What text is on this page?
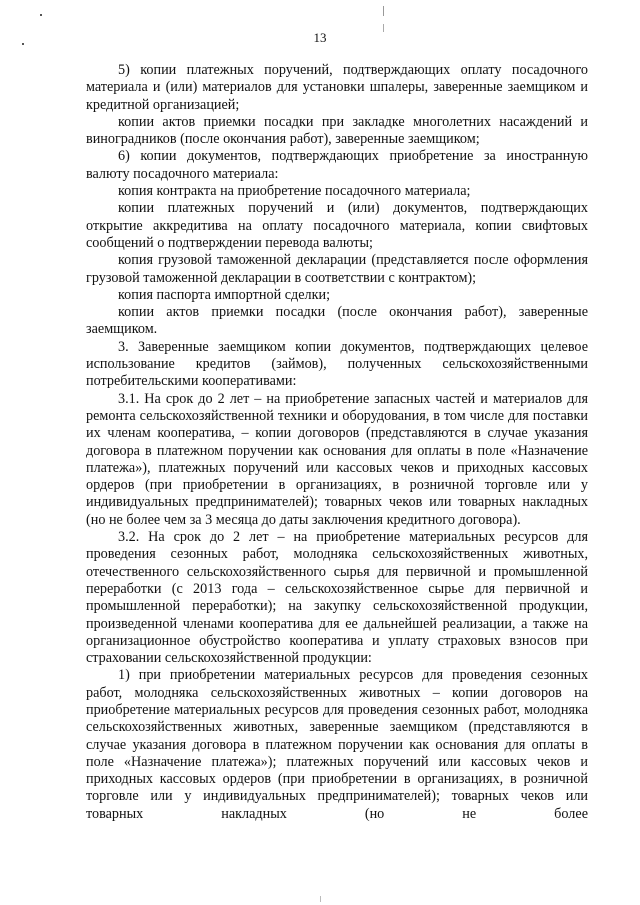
13

5) копии платежных поручений, подтверждающих оплату посадочного материала и (или) материалов для установки шпалеры, заверенные заемщиком и кредитной организацией;

копии актов приемки посадки при закладке многолетних насаждений и виноградников (после окончания работ), заверенные заемщиком;

6) копии документов, подтверждающих приобретение за иностранную валюту посадочного материала:

копия контракта на приобретение посадочного материала;

копии платежных поручений и (или) документов, подтверждающих открытие аккредитива на оплату посадочного материала, копии свифтовых сообщений о подтверждении перевода валюты;

копия грузовой таможенной декларации (представляется после оформления грузовой таможенной декларации в соответствии с контрактом);

копия паспорта импортной сделки;

копии актов приемки посадки (после окончания работ), заверенные заемщиком.

3. Заверенные заемщиком копии документов, подтверждающих целевое использование кредитов (займов), полученных сельскохозяйственными потребительскими кооперативами:

3.1. На срок до 2 лет – на приобретение запасных частей и материалов для ремонта сельскохозяйственной техники и оборудования, в том числе для поставки их членам кооператива, – копии договоров (представляются в случае указания договора в платежном поручении как основания для оплаты в поле «Назначение платежа»), платежных поручений или кассовых чеков и приходных кассовых ордеров (при приобретении в организациях, в розничной торговле или у индивидуальных предпринимателей); товарных чеков или товарных накладных (но не более чем за 3 месяца до даты заключения кредитного договора).

3.2. На срок до 2 лет – на приобретение материальных ресурсов для проведения сезонных работ, молодняка сельскохозяйственных животных, отечественного сельскохозяйственного сырья для первичной и промышленной переработки (с 2013 года – сельскохозяйственное сырье для первичной и промышленной переработки); на закупку сельскохозяйственной продукции, произведенной членами кооператива для ее дальнейшей реализации, а также на организационное обустройство кооператива и уплату страховых взносов при страховании сельскохозяйственной продукции:

1) при приобретении материальных ресурсов для проведения сезонных работ, молодняка сельскохозяйственных животных – копии договоров на приобретение материальных ресурсов для проведения сезонных работ, молодняка сельскохозяйственных животных, заверенные заемщиком (представляются в случае указания договора в платежном поручении как основания для оплаты в поле «Назначение платежа»); платежных поручений или кассовых чеков и приходных кассовых ордеров (при приобретении в организациях, в розничной торговле или у индивидуальных предпринимателей); товарных чеков или товарных накладных (но не более
